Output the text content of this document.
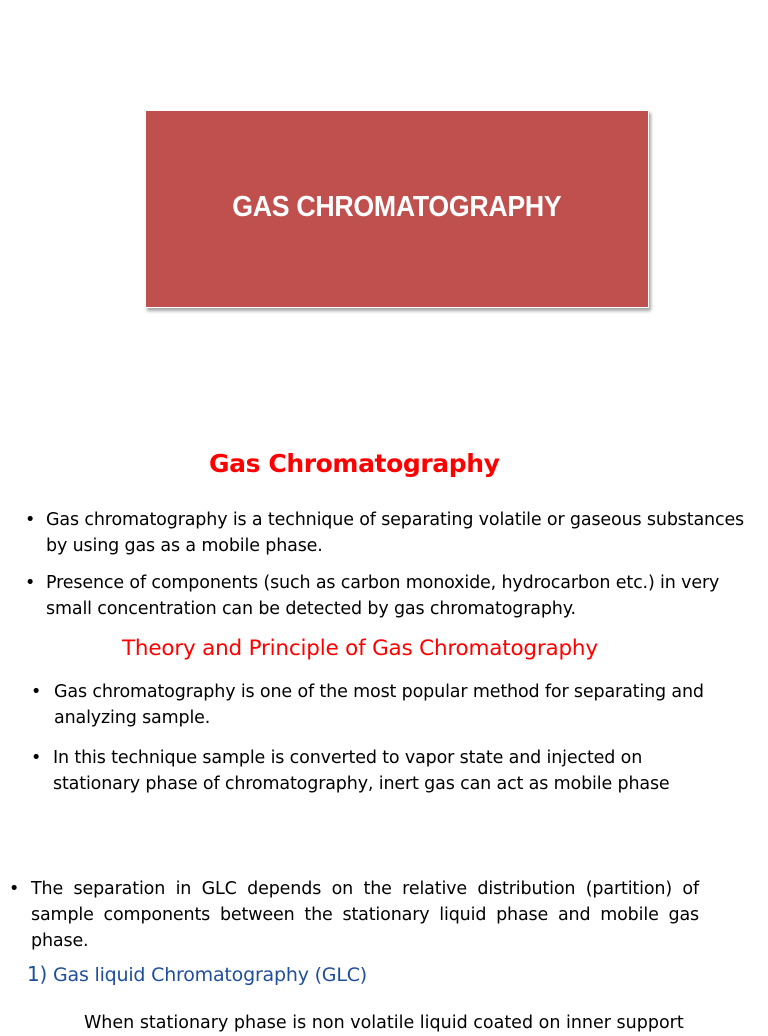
GAS CHROMATOGRAPHY
Gas Chromatography
• Gas chromatography is a technique of separating volatile or gaseous substances by using gas as a mobile phase.
• Presence of components (such as carbon monoxide, hydrocarbon etc.) in very small concentration can be detected by gas chromatography.
Theory and Principle of Gas Chromatography
• Gas chromatography is one of the most popular method for separating and analyzing sample.
• In this technique sample is converted to vapor state and injected on stationary phase of chromatography, inert gas can act as mobile phase
• The separation in GLC depends on the relative distribution (partition) of sample components between the stationary liquid phase and mobile gas phase.
1) Gas liquid Chromatography (GLC)
When stationary phase is non volatile liquid coated on inner support
